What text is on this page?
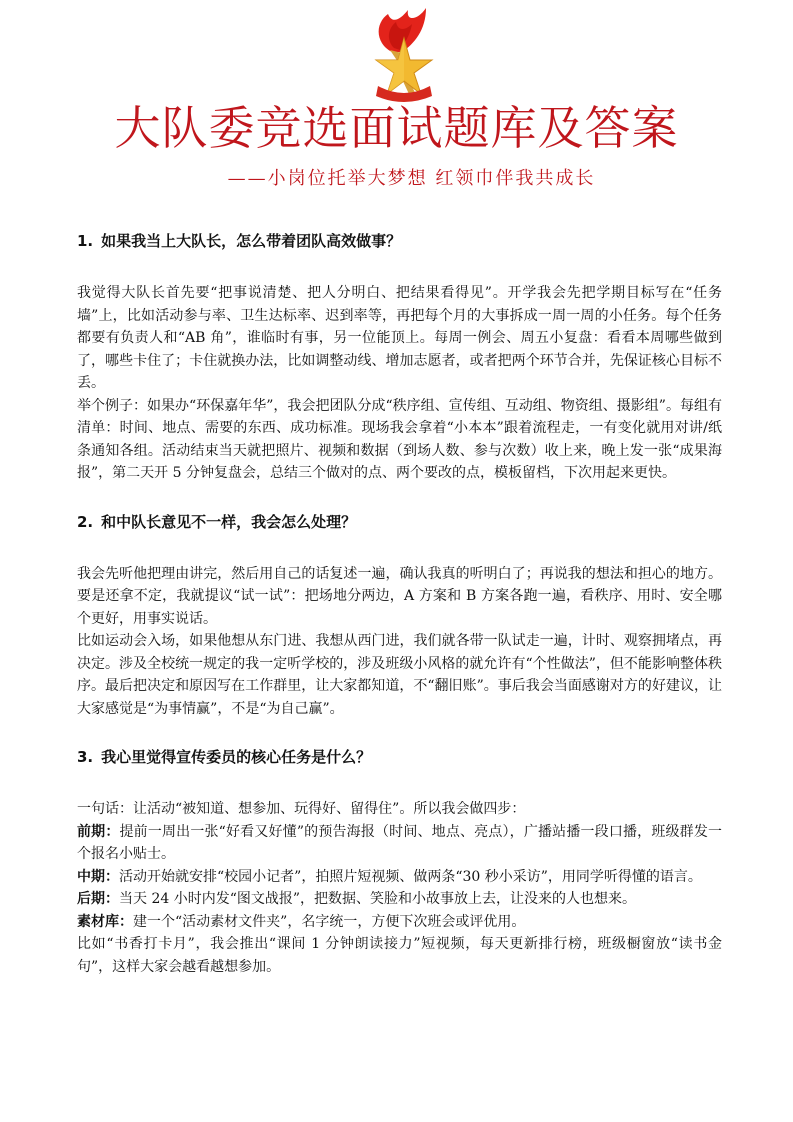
大队委竞选面试题库及答案
——小岗位托举大梦想 红领巾伴我共成长
1. 如果我当上大队长，怎么带着团队高效做事？

我觉得大队长首先要“把事说清楚、把人分明白、把结果看得见”。开学我会先把学期目标写在“任务墙”上，比如活动参与率、卫生达标率、迟到率等，再把每个月的大事拆成一周一周的小任务。每个任务都要有负责人和“AB 角”，谁临时有事，另一位能顶上。每周一例会、周五小复盘：看看本周哪些做到了，哪些卡住了；卡住就换办法，比如调整动线、增加志愿者，或者把两个环节合并，先保证核心目标不丢。

举个例子：如果办“环保嘉年华”，我会把团队分成“秩序组、宣传组、互动组、物资组、摄影组”。每组有清单：时间、地点、需要的东西、成功标准。现场我会拿着“小本本”跟着流程走，一有变化就用对讲/纸条通知各组。活动结束当天就把照片、视频和数据（到场人数、参与次数）收上来，晚上发一张“成果海报”，第二天开 5 分钟复盘会，总结三个做对的点、两个要改的点，模板留档，下次用起来更快。

2. 和中队长意见不一样，我会怎么处理？

我会先听他把理由讲完，然后用自己的话复述一遍，确认我真的听明白了；再说我的想法和担心的地方。要是还拿不定，我就提议“试一试”：把场地分两边，A 方案和 B 方案各跑一遍，看秩序、用时、安全哪个更好，用事实说话。

比如运动会入场，如果他想从东门进、我想从西门进，我们就各带一队试走一遍，计时、观察拥堵点，再决定。涉及全校统一规定的我一定听学校的，涉及班级小风格的就允许有“个性做法”，但不能影响整体秩序。最后把决定和原因写在工作群里，让大家都知道，不“翻旧账”。事后我会当面感谢对方的好建议，让大家感觉是“为事情赢”，不是“为自己赢”。

3. 我心里觉得宣传委员的核心任务是什么？

一句话：让活动“被知道、想参加、玩得好、留得住”。所以我会做四步：

前期：提前一周出一张“好看又好懂”的预告海报（时间、地点、亮点），广播站播一段口播，班级群发一个报名小贴士。

中期：活动开始就安排“校园小记者”，拍照片短视频、做两条“30 秒小采访”，用同学听得懂的语言。

后期：当天 24 小时内发“图文战报”，把数据、笑脸和小故事放上去，让没来的人也想来。

素材库：建一个“活动素材文件夹”，名字统一，方便下次班会或评优用。

比如“书香打卡月”，我会推出“课间 1 分钟朗读接力”短视频，每天更新排行榜，班级橱窗放“读书金句”，这样大家会越看越想参加。
